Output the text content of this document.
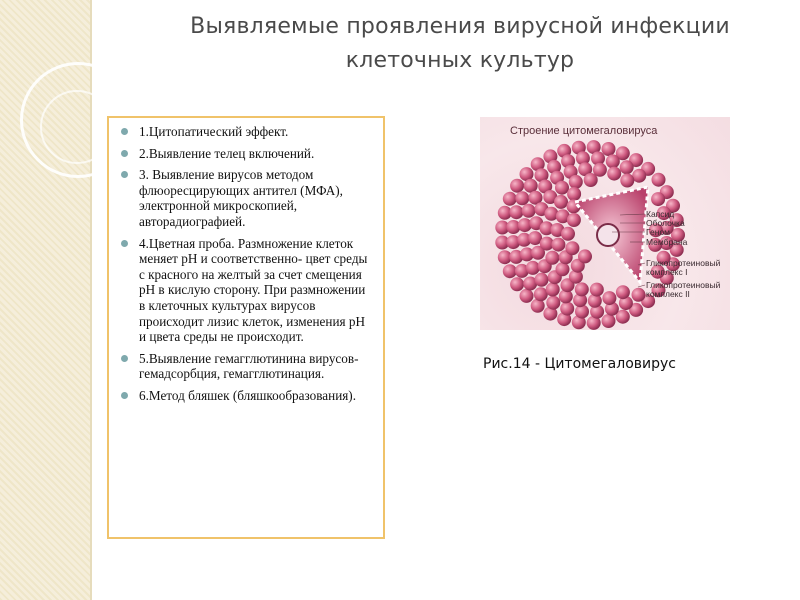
Выявляемые проявления вирусной инфекции клеточных культур
1.Цитопатический эффект.
2.Выявление телец включений.
3. Выявление вирусов методом флюоресцирующих антител (МФА), электронной микроскопией, авторадиографией.
4.Цветная проба. Размножение клеток меняет pH и соответственно- цвет среды с красного на желтый за счет смещения pH в кислую сторону. При размножении в клеточных культурах вирусов происходит лизис клеток, изменения pH и цвета среды не происходит.
5.Выявление гемагглютинина вирусов- гемадсорбция, гемагглютинация.
6.Метод бляшек (бляшкообразования).
Строение цитомегаловируса
Капсид
Оболочка
Геном
Мембрана
Гликопротеиновый комплекс I
Гликопротеиновый комплекс II
Рис.14 - Цитомегаловирус
